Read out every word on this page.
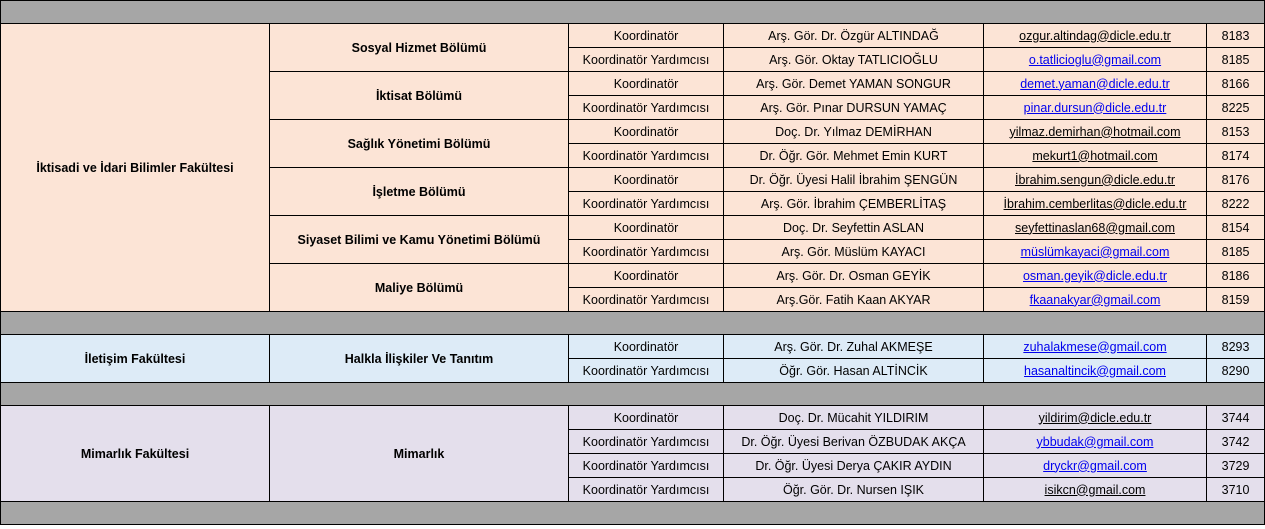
İktisadi ve İdari Bilimler Fakültesi	Sosyal Hizmet Bölümü	Koordinatör	Arş. Gör. Dr. Özgür ALTINDAĞ	ozgur.altindag@dicle.edu.tr	8183
		Koordinatör Yardımcısı	Arş. Gör. Oktay TATLICIOĞLU	o.tatlicioglu@gmail.com	8185
	İktisat Bölümü	Koordinatör	Arş. Gör. Demet YAMAN SONGUR	demet.yaman@dicle.edu.tr	8166
		Koordinatör Yardımcısı	Arş. Gör. Pınar DURSUN YAMAÇ	pinar.dursun@dicle.edu.tr	8225
	Sağlık Yönetimi Bölümü	Koordinatör	Doç. Dr. Yılmaz DEMİRHAN	yilmaz.demirhan@hotmail.com	8153
		Koordinatör Yardımcısı	Dr. Öğr. Gör. Mehmet Emin KURT	mekurt1@hotmail.com	8174
	İşletme Bölümü	Koordinatör	Dr. Öğr. Üyesi Halil İbrahim ŞENGÜN	İbrahim.sengun@dicle.edu.tr	8176
		Koordinatör Yardımcısı	Arş. Gör. İbrahim ÇEMBERLİTAŞ	İbrahim.cemberlitas@dicle.edu.tr	8222
	Siyaset Bilimi ve Kamu Yönetimi Bölümü	Koordinatör	Doç. Dr. Seyfettin ASLAN	seyfettinaslan68@gmail.com	8154
		Koordinatör Yardımcısı	Arş. Gör. Müslüm KAYACI	müslümkayaci@gmail.com	8185
	Maliye Bölümü	Koordinatör	Arş. Gör. Dr. Osman GEYİK	osman.geyik@dicle.edu.tr	8186
		Koordinatör Yardımcısı	Arş.Gör. Fatih Kaan AKYAR	fkaanakyar@gmail.com	8159

İletişim Fakültesi	Halkla İlişkiler Ve Tanıtım	Koordinatör	Arş. Gör. Dr. Zuhal AKMEŞE	zuhalakmese@gmail.com	8293
		Koordinatör Yardımcısı	Öğr. Gör. Hasan ALTİNCİK	hasanaltincik@gmail.com	8290

Mimarlık Fakültesi	Mimarlık	Koordinatör	Doç. Dr. Mücahit YILDIRIM	yildirim@dicle.edu.tr	3744
		Koordinatör Yardımcısı	Dr. Öğr. Üyesi Berivan ÖZBUDAK AKÇA	ybbudak@gmail.com	3742
		Koordinatör Yardımcısı	Dr. Öğr. Üyesi Derya ÇAKIR AYDIN	dryckr@gmail.com	3729
		Koordinatör Yardımcısı	Öğr. Gör. Dr. Nursen IŞIK	isikcn@gmail.com	3710
